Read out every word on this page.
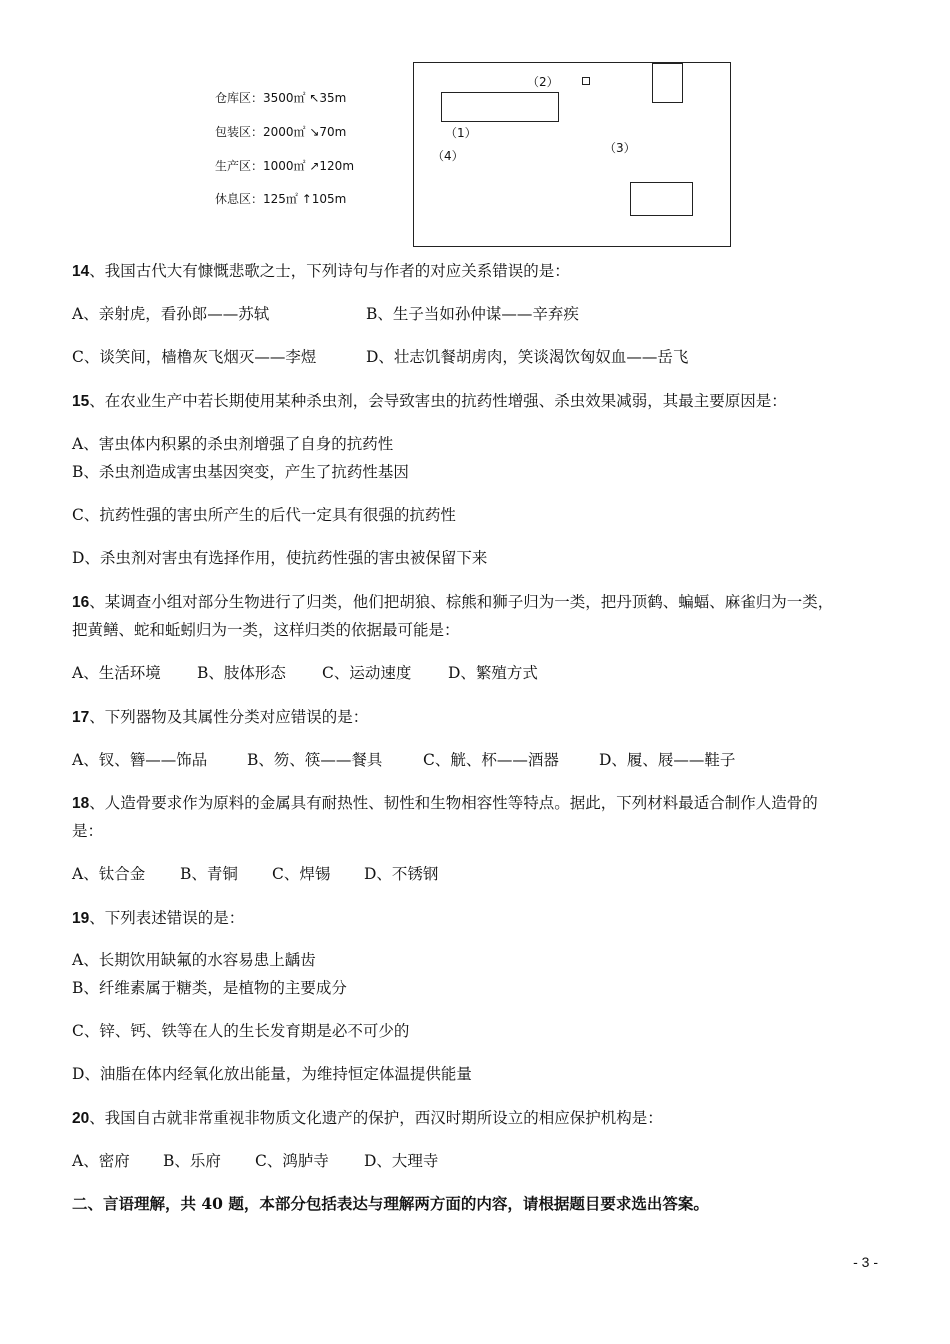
仓库区：3500㎡ ↖35m
包装区：2000㎡ ↘70m
生产区：1000㎡ ↗120m
休息区：125㎡ ↑105m
（2）
（1）
（4）
（3）
14、我国古代大有慷慨悲歌之士，下列诗句与作者的对应关系错误的是：
A、亲射虎，看孙郎——苏轼	B、生子当如孙仲谋——辛弃疾
C、谈笑间，樯橹灰飞烟灭——李煜	D、壮志饥餐胡虏肉，笑谈渴饮匈奴血——岳飞
15、在农业生产中若长期使用某种杀虫剂，会导致害虫的抗药性增强、杀虫效果减弱，其最主要原因是：
A、害虫体内积累的杀虫剂增强了自身的抗药性
B、杀虫剂造成害虫基因突变，产生了抗药性基因
C、抗药性强的害虫所产生的后代一定具有很强的抗药性
D、杀虫剂对害虫有选择作用，使抗药性强的害虫被保留下来
16、某调查小组对部分生物进行了归类，他们把胡狼、棕熊和狮子归为一类，把丹顶鹤、蝙蝠、麻雀归为一类，
把黄鳝、蛇和蚯蚓归为一类，这样归类的依据最可能是：
A、生活环境 B、肢体形态 C、运动速度 D、繁殖方式
17、下列器物及其属性分类对应错误的是：
A、钗、簪——饰品	B、笏、筷——餐具	C、觥、杯——酒器	D、履、屐——鞋子
18、人造骨要求作为原料的金属具有耐热性、韧性和生物相容性等特点。据此，下列材料最适合制作人造骨的
是：
A、钛合金 B、青铜 C、焊锡 D、不锈钢
19、下列表述错误的是：
A、长期饮用缺氟的水容易患上龋齿
B、纤维素属于糖类，是植物的主要成分
C、锌、钙、铁等在人的生长发育期是必不可少的
D、油脂在体内经氧化放出能量，为维持恒定体温提供能量
20、我国自古就非常重视非物质文化遗产的保护，西汉时期所设立的相应保护机构是：
A、密府 B、乐府 C、鸿胪寺 D、大理寺
二、言语理解，共 40 题，本部分包括表达与理解两方面的内容，请根据题目要求选出答案。
- 3 -
